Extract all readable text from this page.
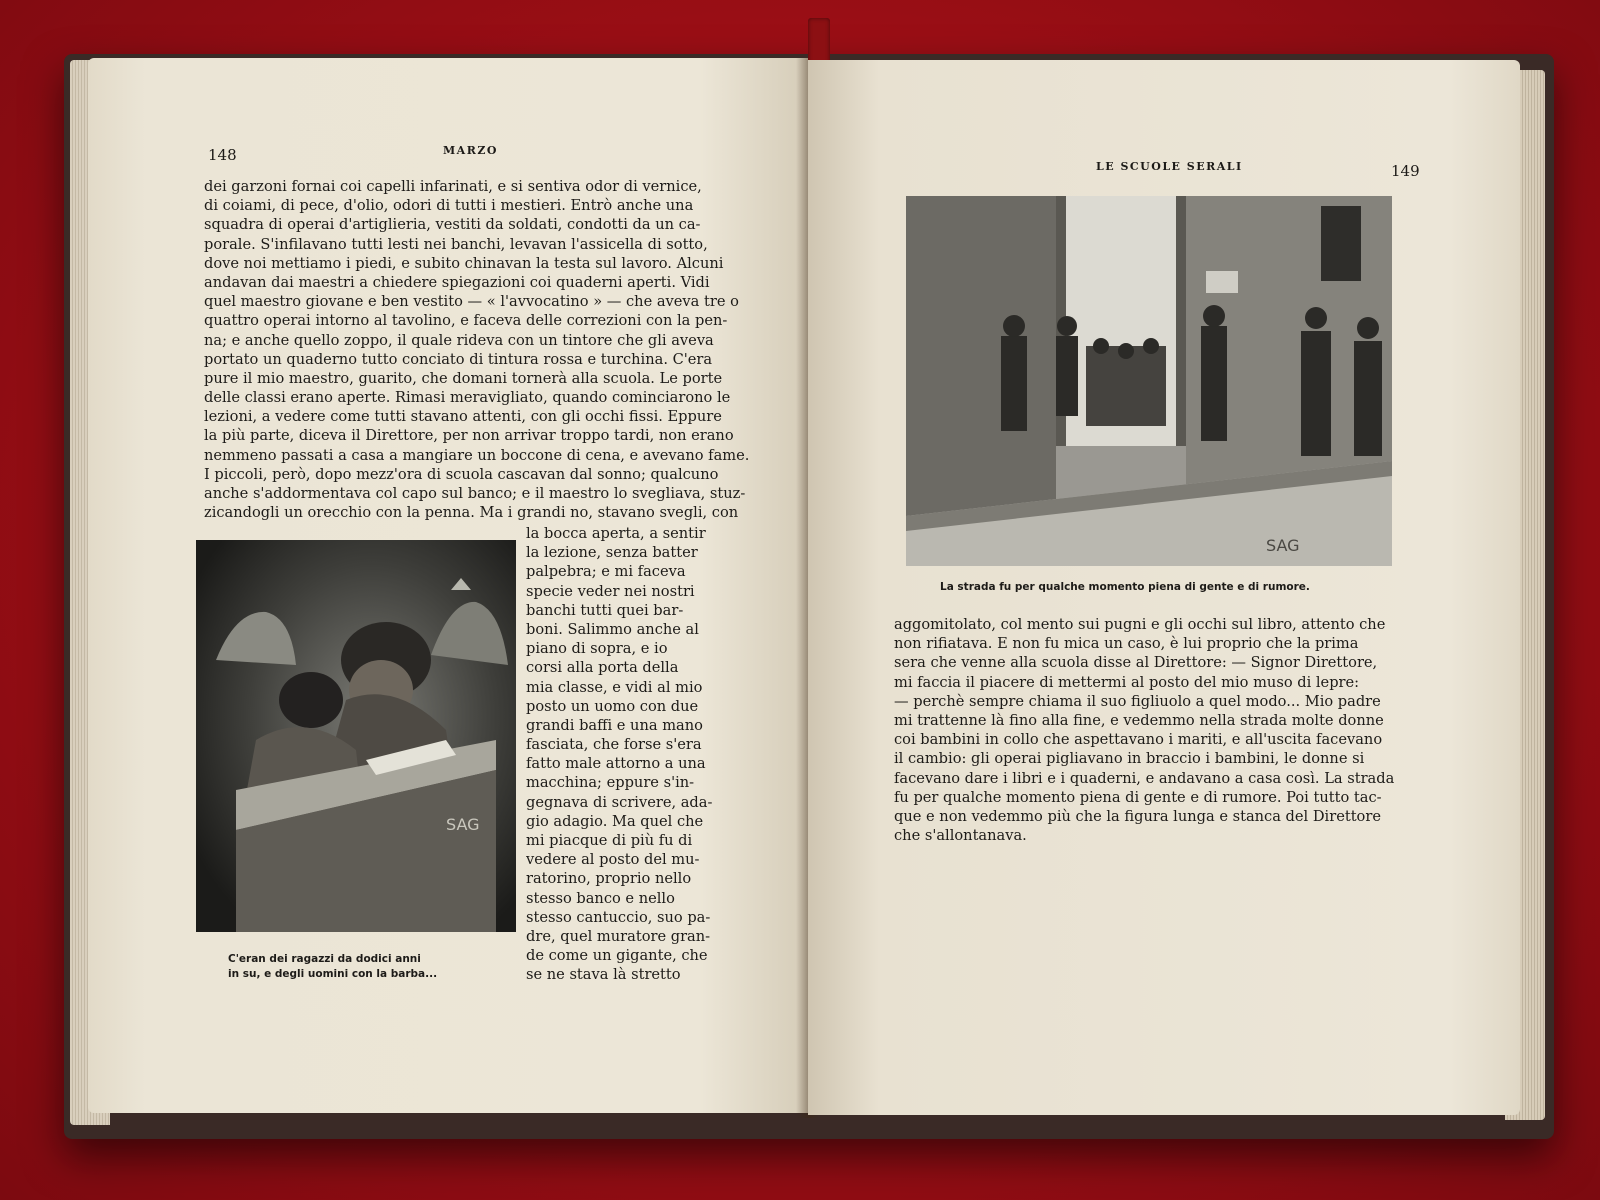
148	MARZO
dei garzoni fornai coi capelli infarinati, e si sentiva odor di vernice,
di coiami, di pece, d'olio, odori di tutti i mestieri. Entrò anche una
squadra di operai d'artiglieria, vestiti da soldati, condotti da un ca-
porale. S'infilavano tutti lesti nei banchi, levavan l'assicella di sotto,
dove noi mettiamo i piedi, e subito chinavan la testa sul lavoro. Alcuni
andavan dai maestri a chiedere spiegazioni coi quaderni aperti. Vidi
quel maestro giovane e ben vestito — « l'avvocatino » — che aveva tre o
quattro operai intorno al tavolino, e faceva delle correzioni con la pen-
na; e anche quello zoppo, il quale rideva con un tintore che gli aveva
portato un quaderno tutto conciato di tintura rossa e turchina. C'era
pure il mio maestro, guarito, che domani tornerà alla scuola. Le porte
delle classi erano aperte. Rimasi meravigliato, quando cominciarono le
lezioni, a vedere come tutti stavano attenti, con gli occhi fissi. Eppure
la più parte, diceva il Direttore, per non arrivar troppo tardi, non erano
nemmeno passati a casa a mangiare un boccone di cena, e avevano fame.
I piccoli, però, dopo mezz'ora di scuola cascavan dal sonno; qualcuno
anche s'addormentava col capo sul banco; e il maestro lo svegliava, stuz-
zicandogli un orecchio con la penna. Ma i grandi no, stavano svegli, con
SAG
C'eran dei ragazzi da dodici anni
in su, e degli uomini con la barba...
la bocca aperta, a sentir
la lezione, senza batter
palpebra; e mi faceva
specie veder nei nostri
banchi tutti quei bar-
boni. Salimmo anche al
piano di sopra, e io
corsi alla porta della
mia classe, e vidi al mio
posto un uomo con due
grandi baffi e una mano
fasciata, che forse s'era
fatto male attorno a una
macchina; eppure s'in-
gegnava di scrivere, ada-
gio adagio. Ma quel che
mi piacque di più fu di
vedere al posto del mu-
ratorino, proprio nello
stesso banco e nello
stesso cantuccio, suo pa-
dre, quel muratore gran-
de come un gigante, che
se ne stava là stretto
LE SCUOLE SERALI	149
SAG
La strada fu per qualche momento piena di gente e di rumore.
aggomitolato, col mento sui pugni e gli occhi sul libro, attento che
non rifiatava. E non fu mica un caso, è lui proprio che la prima
sera che venne alla scuola disse al Direttore: — Signor Direttore,
mi faccia il piacere di mettermi al posto del mio muso di lepre:
— perchè sempre chiama il suo figliuolo a quel modo... Mio padre
mi trattenne là fino alla fine, e vedemmo nella strada molte donne
coi bambini in collo che aspettavano i mariti, e all'uscita facevano
il cambio: gli operai pigliavano in braccio i bambini, le donne si
facevano dare i libri e i quaderni, e andavano a casa così. La strada
fu per qualche momento piena di gente e di rumore. Poi tutto tac-
que e non vedemmo più che la figura lunga e stanca del Direttore
che s'allontanava.
